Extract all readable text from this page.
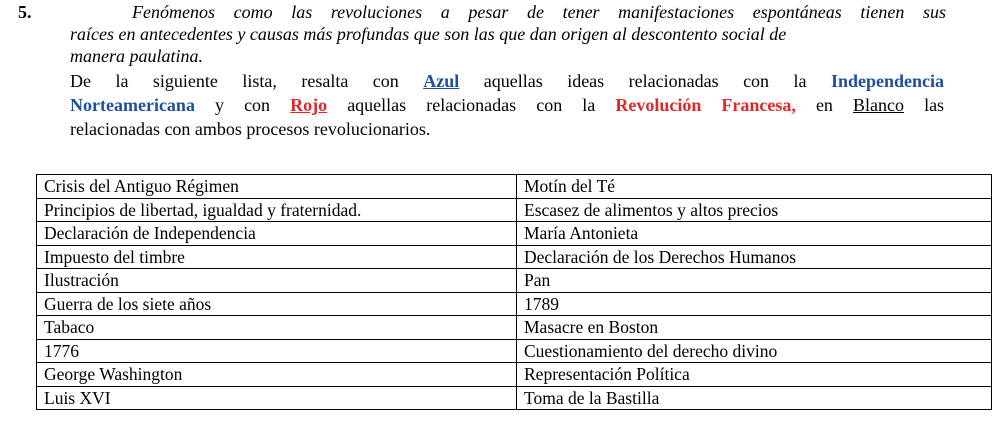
5.	Fenómenos como las revoluciones a pesar de tener manifestaciones espontáneas tienen sus
raíces en antecedentes y causas más profundas que son las que dan origen al descontento social de
manera paulatina.
De la siguiente lista, resalta con Azul aquellas ideas relacionadas con la Independencia
Norteamericana y con Rojo aquellas relacionadas con la Revolución Francesa, en Blanco las
relacionadas con ambos procesos revolucionarios.
Crisis del Antiguo Régimen	Motín del Té
Principios de libertad, igualdad y fraternidad.	Escasez de alimentos y altos precios
Declaración de Independencia	María Antonieta
Impuesto del timbre	Declaración de los Derechos Humanos
Ilustración	Pan
Guerra de los siete años	1789
Tabaco	Masacre en Boston
1776	Cuestionamiento del derecho divino
George Washington	Representación Política
Luis XVI	Toma de la Bastilla
